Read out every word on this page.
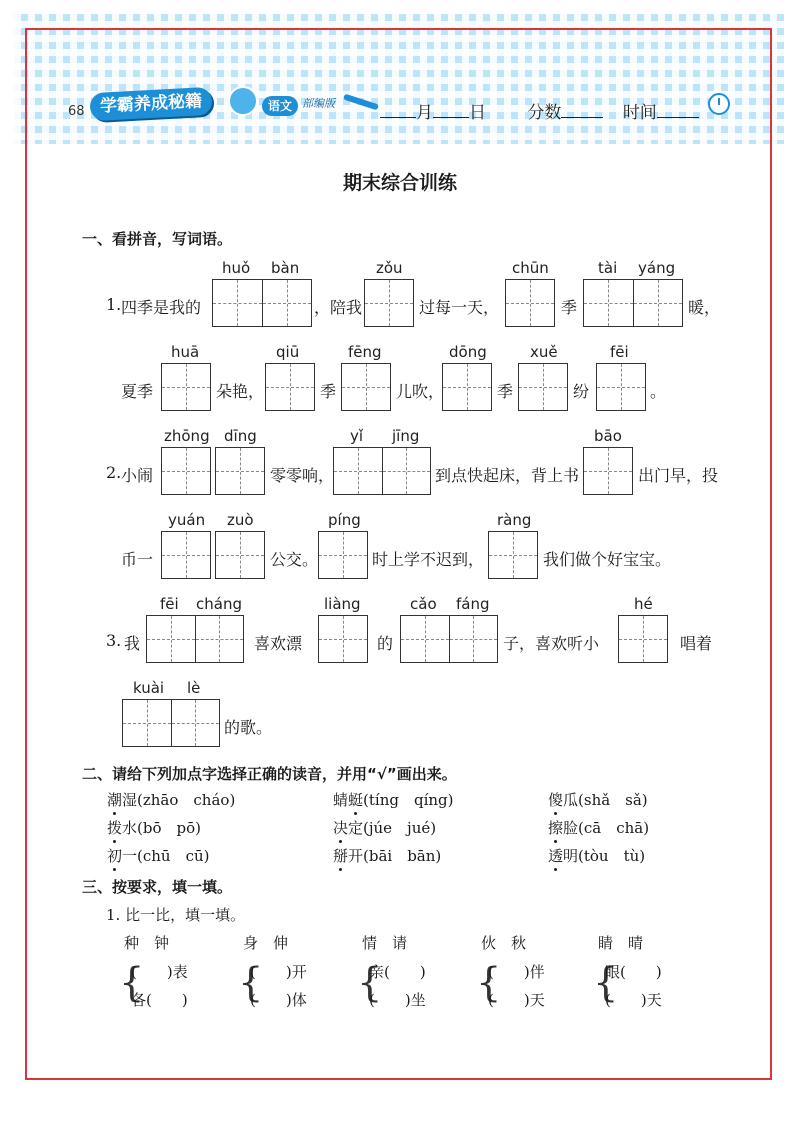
68 学霸养成秘籍	语文 部编版	月 日 分数	时间
期末综合训练
一、看拼音，写词语。
1. 四季是我的
huǒ bàn
，陪我
zǒu
过每一天，
chūn
季
tài yáng
暖，
夏季
huā
朵艳，
qiū
季
fēng
儿吹，
dōng
季
xuě
纷
fēi
。
2. 小闹
zhōng dīng
零零响，
yǐ jīng
到点快起床，背上书
bāo
出门早，投
币一
yuán zuò
公交。
píng
时上学不迟到，
ràng
我们做个好宝宝。
3. 我
fēi cháng
喜欢漂
liàng
的
cǎo fáng
子，喜欢听小
hé
唱着
kuài lè
的歌。
二、请给下列加点字选择正确的读音，并用“√”画出来。
潮湿(zhāo　cháo)	蜻蜓(tíng　qíng)	傻瓜(shǎ　sǎ)
拨水(bō　pō)	决定(júe　jué)	擦脸(cā　chā)
初一(chū　cū)	掰开(bāi　bān)	透明(tòu　tù)
三、按要求，填一填。
1. 比一比，填一填。
种　钟
{
(　　)表
各(　　)
身　伸
{
(　　)开
(　　)体
情　请
{
亲(　　)
(　　)坐
伙　秋
{
(　　)伴
(　　)天
睛　晴
{
眼(　　)
(　　)天
